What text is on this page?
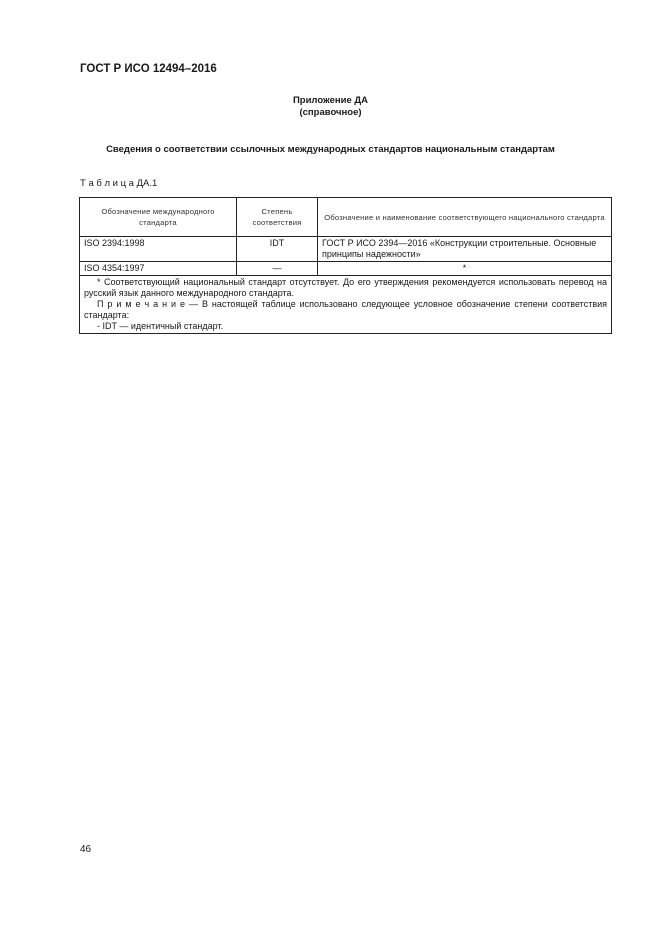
ГОСТ Р ИСО 12494–2016
Приложение ДА
(справочное)
Сведения о соответствии ссылочных международных стандартов национальным стандартам
Т а б л и ц а ДА.1
Обозначение международного стандарта	Степень соответствия	Обозначение и наименование соответствующего национального стандарта
ISO 2394:1998	IDT	ГОСТ Р ИСО 2394—2016 «Конструкции строительные. Основные принципы надежности»
ISO 4354:1997	—	*

* Соответствующий национальный стандарт отсутствует. До его утверждения рекомендуется использовать перевод на русский язык данного международного стандарта.
П р и м е ч а н и е — В настоящей таблице использовано следующее условное обозначение степени соответствия стандарта:
- IDT — идентичный стандарт.		
46
